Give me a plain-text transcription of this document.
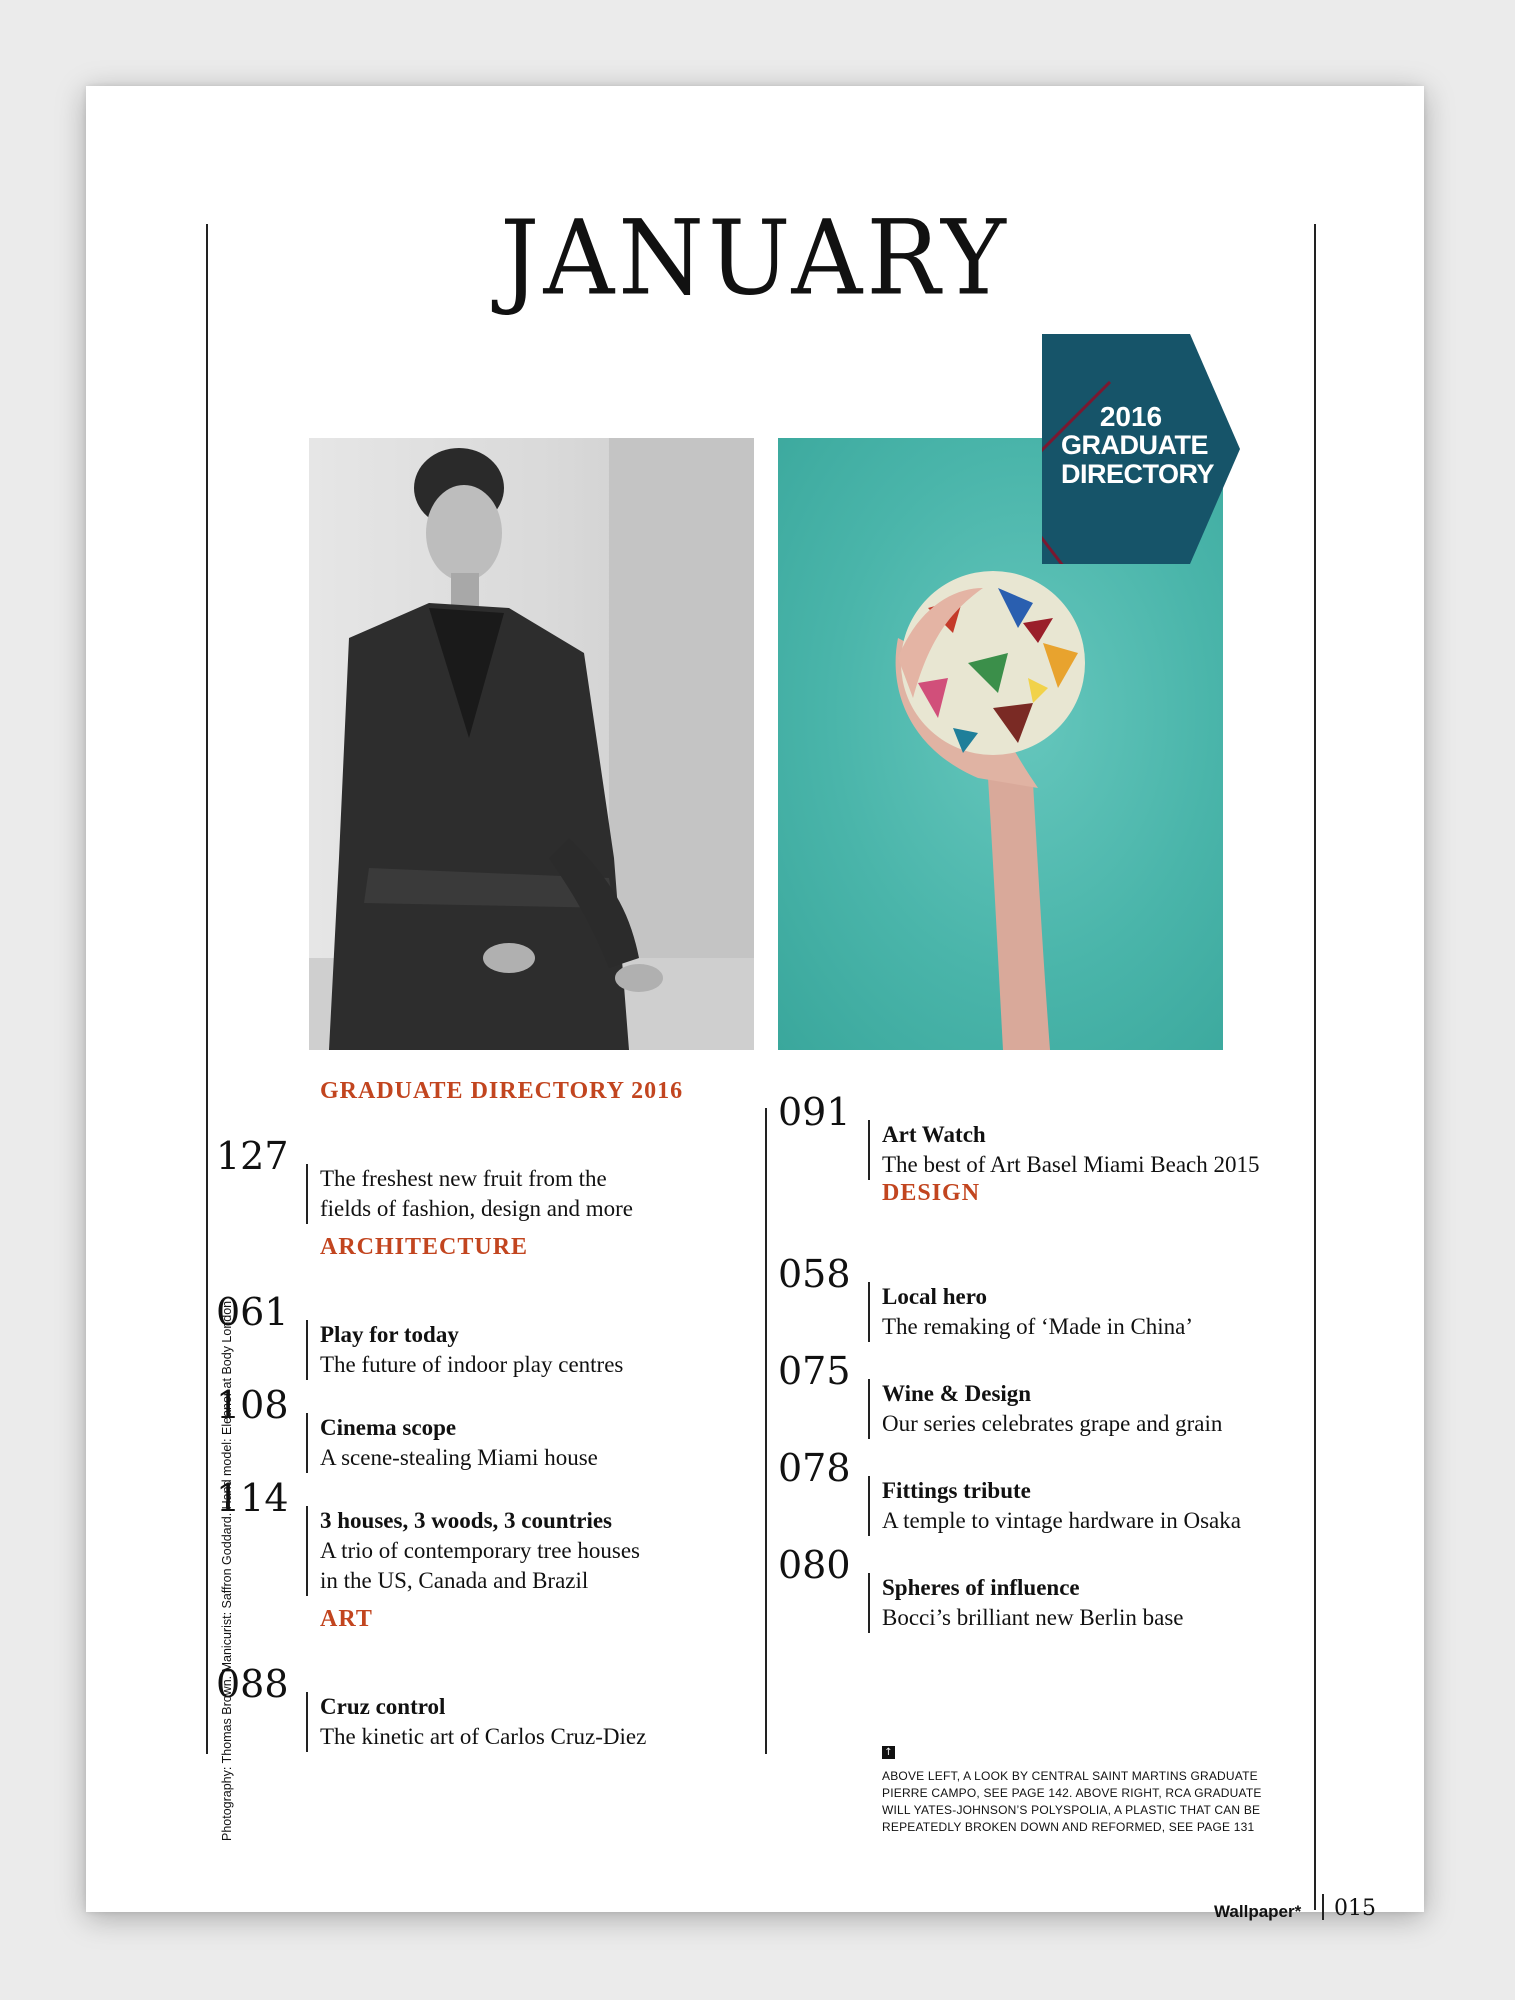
JANUARY
2016
GRADUATE
DIRECTORY
GRADUATE DIRECTORY 2016
127
The freshest new fruit from the
fields of fashion, design and more
ARCHITECTURE
061
Play for today
The future of indoor play centres
108
Cinema scope
A scene-stealing Miami house
114
3 houses, 3 woods, 3 countries
A trio of contemporary tree houses
in the US, Canada and Brazil
ART
088
Cruz control
The kinetic art of Carlos Cruz-Diez
091
Art Watch
The best of Art Basel Miami Beach 2015
DESIGN
058
Local hero
The remaking of ‘Made in China’
075
Wine & Design
Our series celebrates grape and grain
078
Fittings tribute
A temple to vintage hardware in Osaka
080
Spheres of influence
Bocci’s brilliant new Berlin base
↑
ABOVE LEFT, A LOOK BY CENTRAL SAINT MARTINS GRADUATE
PIERRE CAMPO, SEE PAGE 142. ABOVE RIGHT, RCA GRADUATE
WILL YATES-JOHNSON’S POLYSPOLIA, A PLASTIC THAT CAN BE
REPEATEDLY BROKEN DOWN AND REFORMED, SEE PAGE 131
Photography: Thomas Brown. Manicurist: Saffron Goddard. Hand model: Eleanor at Body London
Wallpaper* 015
